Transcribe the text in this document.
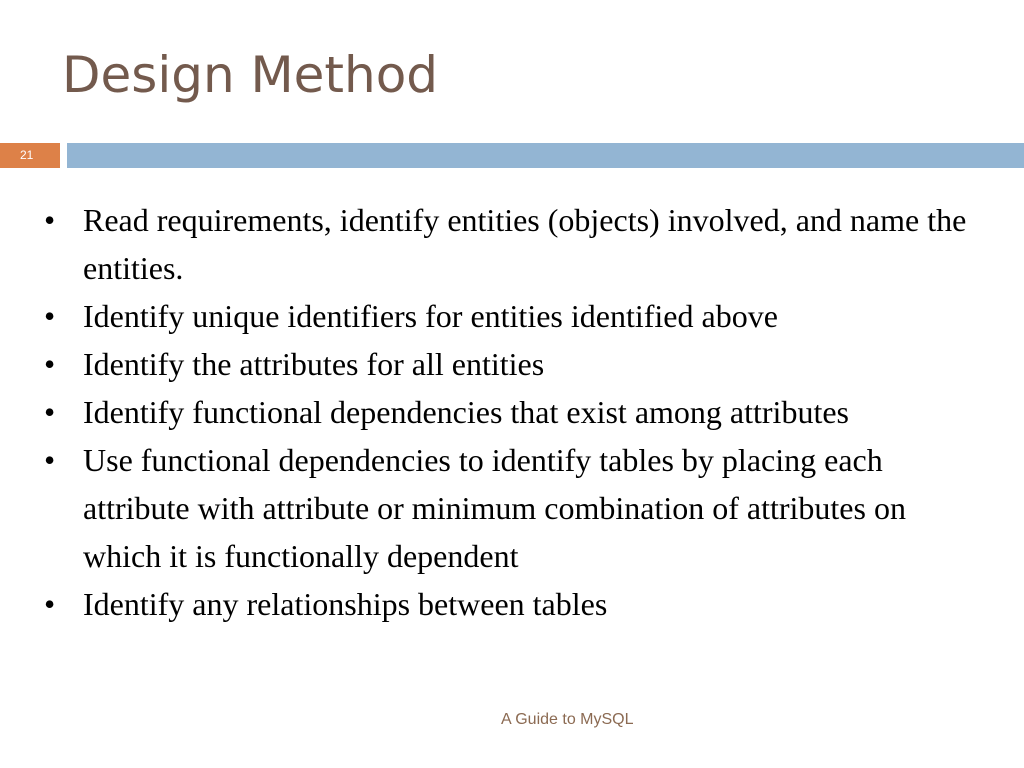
Design Method
21
• Read requirements, identify entities (objects) involved, and name the entities.
• Identify unique identifiers for entities identified above
• Identify the attributes for all entities
• Identify functional dependencies that exist among attributes
• Use functional dependencies to identify tables by placing each attribute with attribute or minimum combination of attributes on which it is functionally dependent
• Identify any relationships between tables
A Guide to MySQL
